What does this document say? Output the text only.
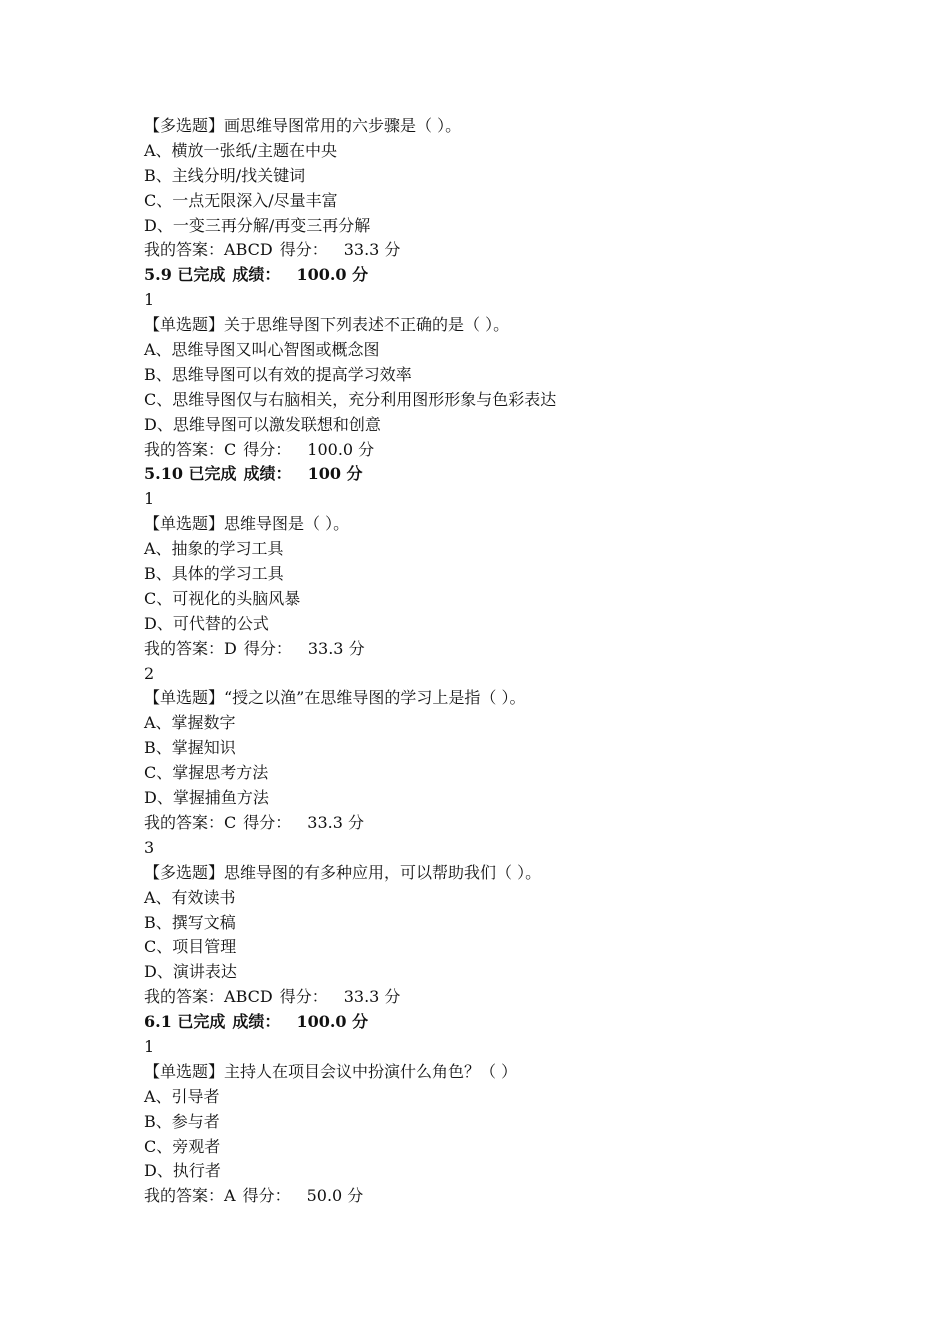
【多选题】画思维导图常用的六步骤是（ ）。
A、横放一张纸/主题在中央
B、主线分明/找关键词
C、一点无限深入/尽量丰富
D、一变三再分解/再变三再分解
我的答案：ABCD 得分： 33.3 分
5.9 已完成 成绩： 100.0 分
1
【单选题】关于思维导图下列表述不正确的是（ ）。
A、思维导图又叫心智图或概念图
B、思维导图可以有效的提高学习效率
C、思维导图仅与右脑相关，充分利用图形形象与色彩表达
D、思维导图可以激发联想和创意
我的答案：C 得分： 100.0 分
5.10 已完成 成绩： 100 分
1
【单选题】思维导图是（ ）。
A、抽象的学习工具
B、具体的学习工具
C、可视化的头脑风暴
D、可代替的公式
我的答案：D 得分： 33.3 分
2
【单选题】“授之以渔”在思维导图的学习上是指（ ）。
A、掌握数字
B、掌握知识
C、掌握思考方法
D、掌握捕鱼方法
我的答案：C 得分： 33.3 分
3
【多选题】思维导图的有多种应用，可以帮助我们（ ）。
A、有效读书
B、撰写文稿
C、项目管理
D、演讲表达
我的答案：ABCD 得分： 33.3 分
6.1 已完成 成绩： 100.0 分
1
【单选题】主持人在项目会议中扮演什么角色？（ ）
A、引导者
B、参与者
C、旁观者
D、执行者
我的答案：A 得分： 50.0 分
